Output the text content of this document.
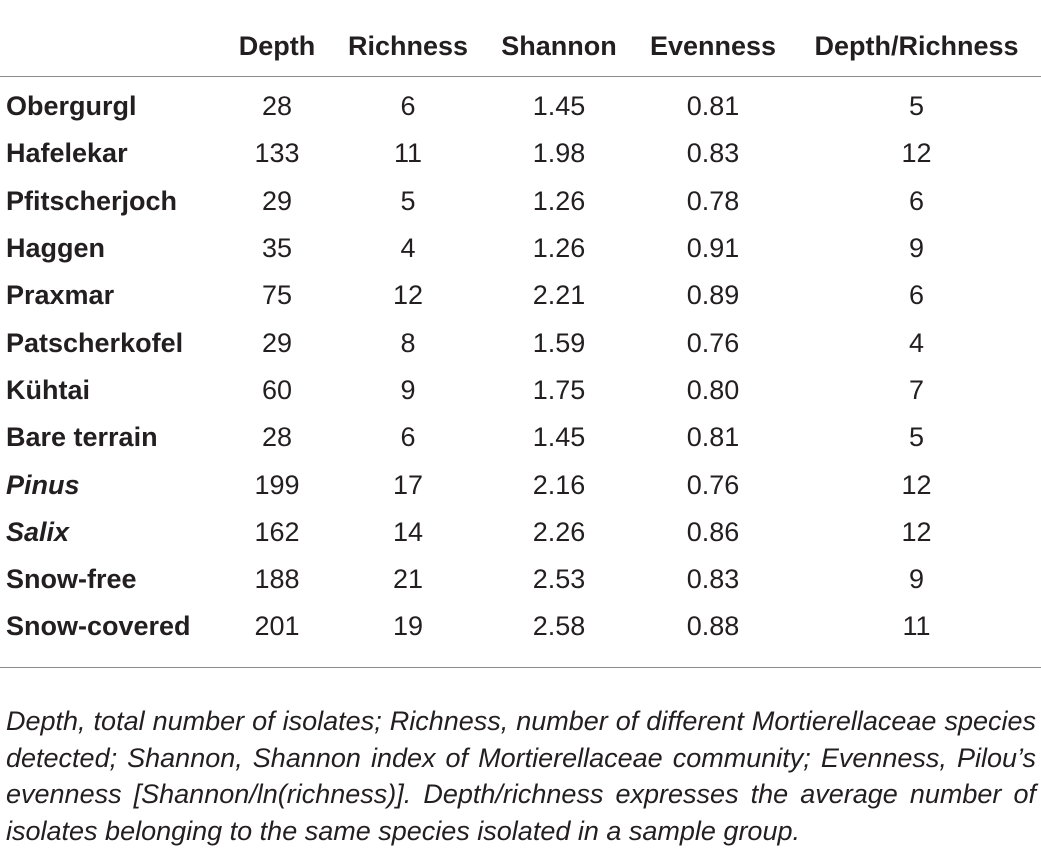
	Depth	Richness	Shannon	Evenness	Depth/Richness
Obergurgl	28	6	1.45	0.81	5
Hafelekar	133	11	1.98	0.83	12
Pfitscherjoch	29	5	1.26	0.78	6
Haggen	35	4	1.26	0.91	9
Praxmar	75	12	2.21	0.89	6
Patscherkofel	29	8	1.59	0.76	4
Kühtai	60	9	1.75	0.80	7
Bare terrain	28	6	1.45	0.81	5
Pinus	199	17	2.16	0.76	12
Salix	162	14	2.26	0.86	12
Snow-free	188	21	2.53	0.83	9
Snow-covered	201	19	2.58	0.88	11

Depth, total number of isolates; Richness, number of different Mortierellaceae species detected; Shannon, Shannon index of Mortierellaceae community; Evenness, Pilou’s evenness [Shannon/ln(richness)]. Depth/richness expresses the average number of isolates belonging to the same species isolated in a sample group.
